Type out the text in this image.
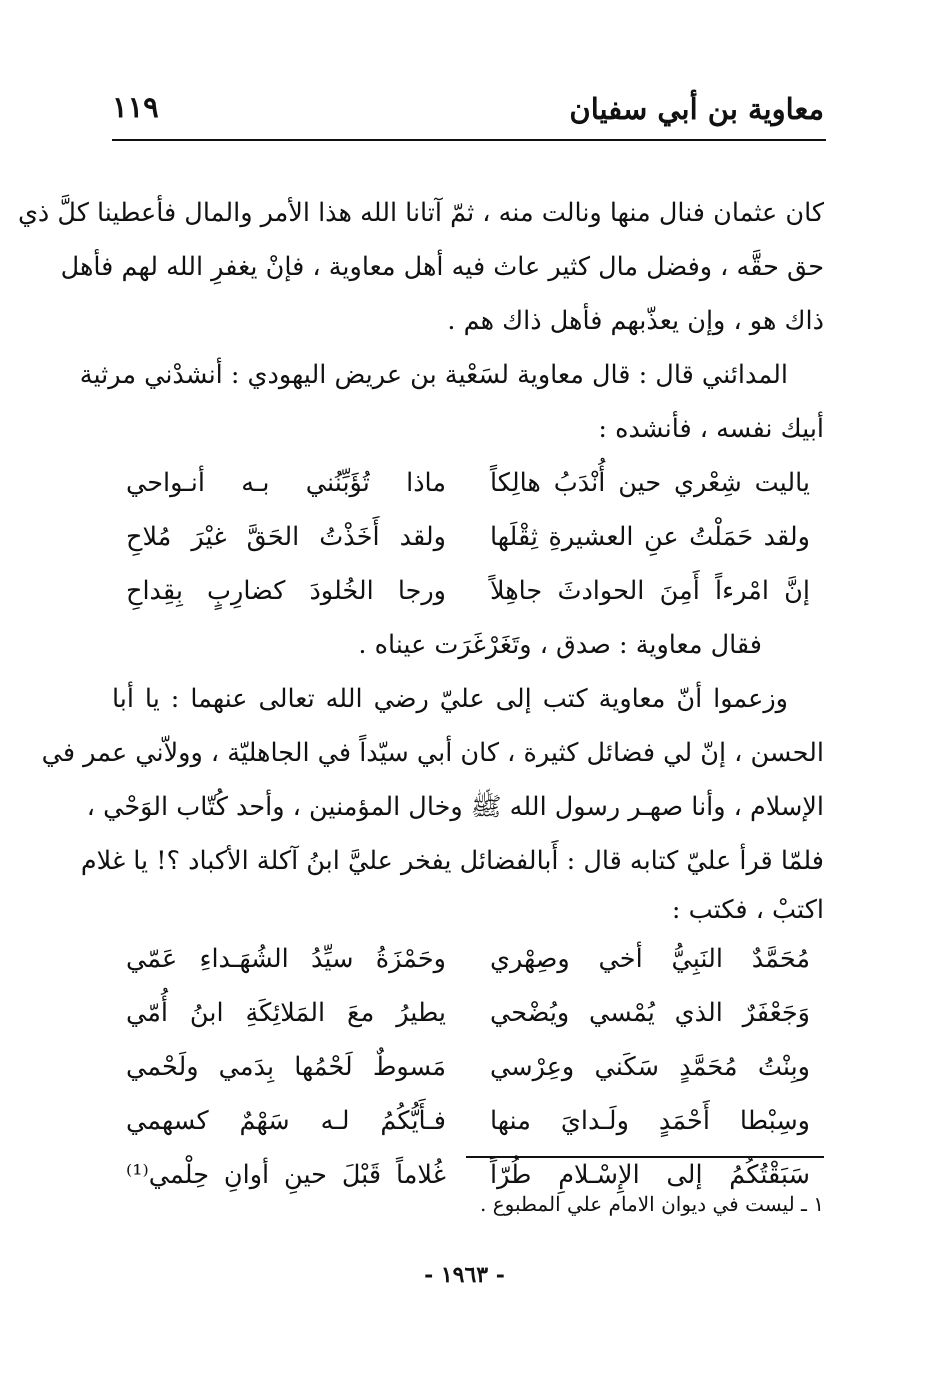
معاوية بن أبي سفيان
١١٩
كان عثمان فنال منها ونالت منه ، ثمّ آتانا الله هذا الأمر والمال فأعطينا كلَّ ذي
حق حقَّه ، وفضل مال كثير عاث فيه أهل معاوية ، فإنْ يغفرِ الله لهم فأهل
ذاك هو ، وإن يعذّبهم فأهل ذاك هم .
المدائني قال : قال معاوية لسَعْية بن عريض اليهودي : أنشدْني مرثية
أبيك نفسه ، فأنشده :
ياليت شِعْري حين أُنْدَبُ هالِكاً
ماذا تُؤَبِّنُني بـه أنـواحي
ولقد حَمَلْتُ عنِ العشيرةِ ثِقْلَها
ولقد أَخَذْتُ الحَقَّ غيْرَ مُلاحِ
إنَّ امْرءاً أَمِنَ الحوادثَ جاهِلاً
ورجا الخُلودَ كضارِبٍ بِقِداحِ
فقال معاوية : صدق ، وتَغَرْغَرَت عيناه .
وزعموا أنّ معاوية كتب إلى عليّ رضي الله تعالى عنهما : يا أبا
الحسن ، إنّ لي فضائل كثيرة ، كان أبي سيّداً في الجاهليّة ، وولاّني عمر في
الإسلام ، وأنا صهـر رسول الله ﷺ وخال المؤمنين ، وأحد كُتّاب الوَحْي ،
فلمّا قرأ عليّ كتابه قال : أَبالفضائل يفخر عليَّ ابنُ آكلة الأكباد ؟! يا غلام
اكتبْ ، فكتب :
مُحَمَّدٌ النَبِيُّ أخي وصِهْري
وحَمْزَةُ سيِّدُ الشُهَـداءِ عَمّي
وَجَعْفَرٌ الذي يُمْسي ويُضْحي
يطيرُ معَ المَلائِكَةِ ابنُ أُمّي
وبِنْتُ مُحَمَّدٍ سَكَني وعِرْسي
مَسوطٌ لَحْمُها بِدَمي ولَحْمي
وسِبْطا أَحْمَدٍ ولَـدايَ منها
فـأَيُّكُمُ لـه سَهْمٌ كسهمي
سَبَقْتُكُمُ إلى الإِسْـلامِ طُرّاً
غُلاماً قَبْلَ حينِ أوانِ حِلْمي⁽¹⁾
١ ـ ليست في ديوان الامام علي المطبوع .
- ١٩٦٣ -
